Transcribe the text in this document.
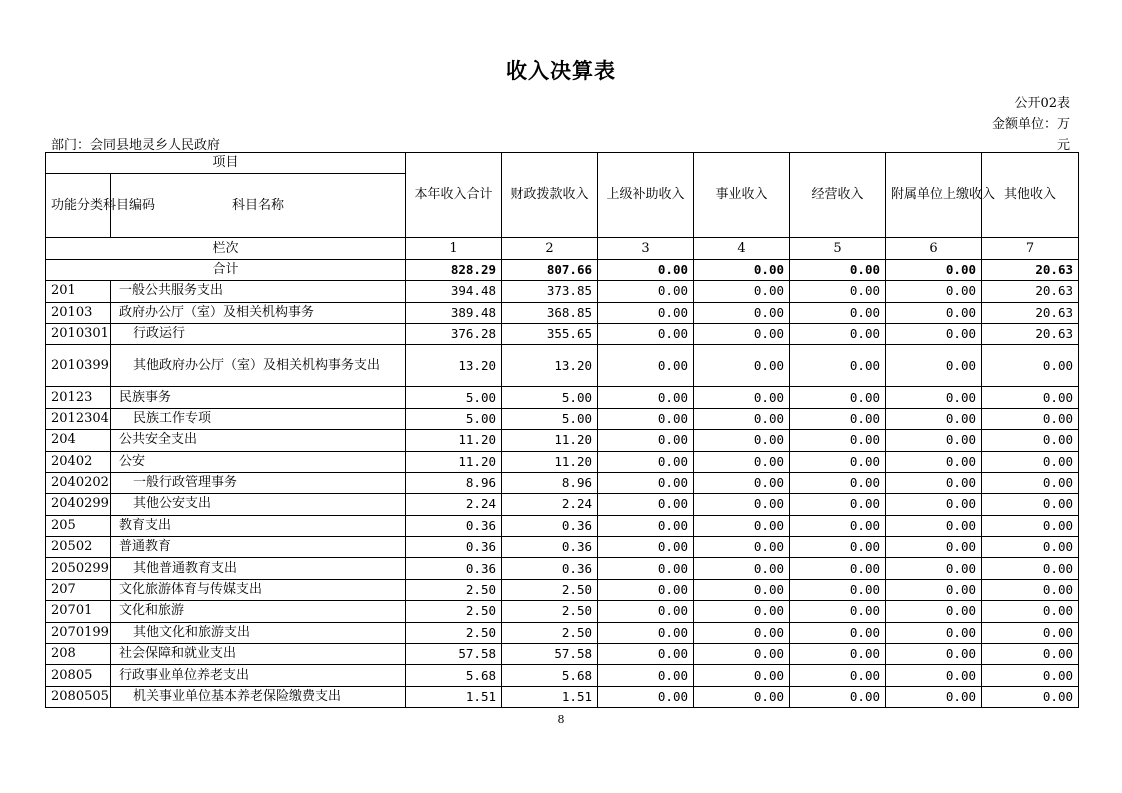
收入决算表
公开02表
金额单位：万
部门：会同县地灵乡人民政府	元
项目		本年收入合计	财政拨款收入	上级补助收入	事业收入	经营收入	附属单位上缴收入	其他收入
功能分类科目编码	科目名称							
栏次		1	2	3	4	5	6	7
合计		828.29	807.66	0.00	0.00	0.00	0.00	20.63
201	一般公共服务支出	394.48	373.85	0.00	0.00	0.00	0.00	20.63
20103	政府办公厅（室）及相关机构事务	389.48	368.85	0.00	0.00	0.00	0.00	20.63
2010301	行政运行	376.28	355.65	0.00	0.00	0.00	0.00	20.63
2010399	其他政府办公厅（室）及相关机构事务支出	13.20	13.20	0.00	0.00	0.00	0.00	0.00
20123	民族事务	5.00	5.00	0.00	0.00	0.00	0.00	0.00
2012304	民族工作专项	5.00	5.00	0.00	0.00	0.00	0.00	0.00
204	公共安全支出	11.20	11.20	0.00	0.00	0.00	0.00	0.00
20402	公安	11.20	11.20	0.00	0.00	0.00	0.00	0.00
2040202	一般行政管理事务	8.96	8.96	0.00	0.00	0.00	0.00	0.00
2040299	其他公安支出	2.24	2.24	0.00	0.00	0.00	0.00	0.00
205	教育支出	0.36	0.36	0.00	0.00	0.00	0.00	0.00
20502	普通教育	0.36	0.36	0.00	0.00	0.00	0.00	0.00
2050299	其他普通教育支出	0.36	0.36	0.00	0.00	0.00	0.00	0.00
207	文化旅游体育与传媒支出	2.50	2.50	0.00	0.00	0.00	0.00	0.00
20701	文化和旅游	2.50	2.50	0.00	0.00	0.00	0.00	0.00
2070199	其他文化和旅游支出	2.50	2.50	0.00	0.00	0.00	0.00	0.00
208	社会保障和就业支出	57.58	57.58	0.00	0.00	0.00	0.00	0.00
20805	行政事业单位养老支出	5.68	5.68	0.00	0.00	0.00	0.00	0.00
2080505	机关事业单位基本养老保险缴费支出	1.51	1.51	0.00	0.00	0.00	0.00	0.00
8
